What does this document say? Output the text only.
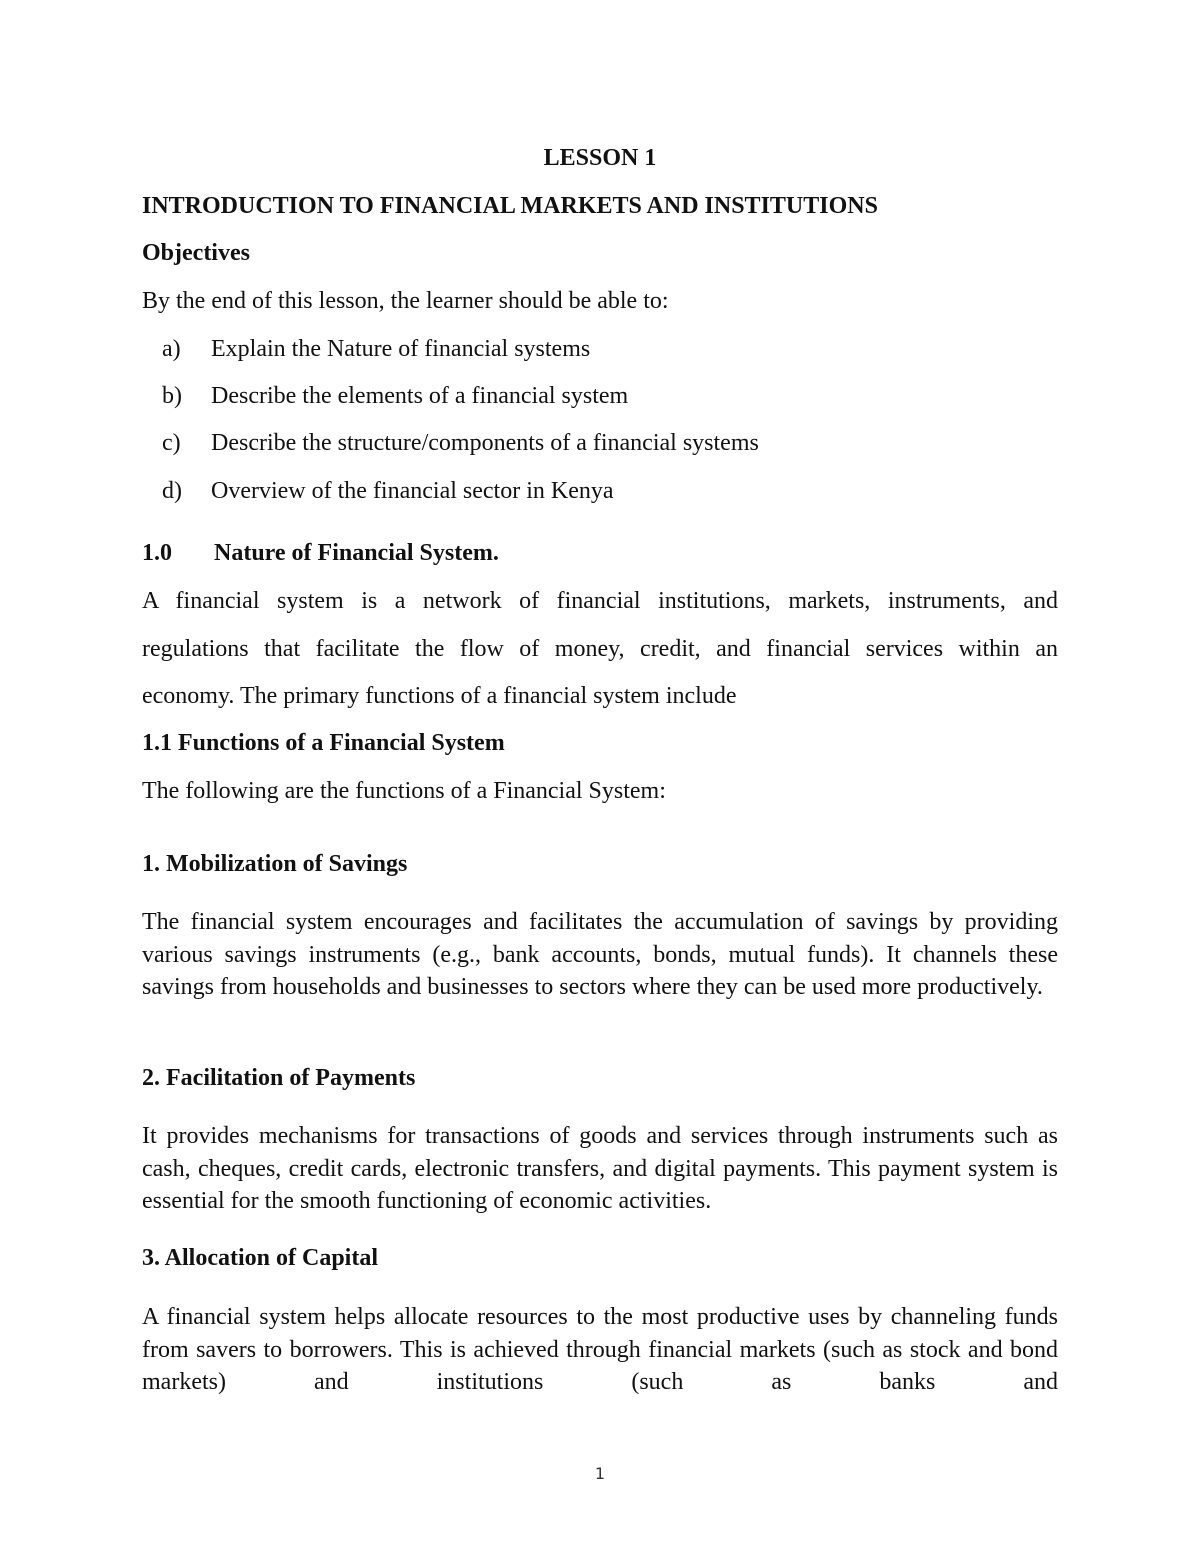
LESSON 1
INTRODUCTION TO FINANCIAL MARKETS AND INSTITUTIONS
Objectives
By the end of this lesson, the learner should be able to:
a) Explain the Nature of financial systems
b) Describe the elements of a financial system
c) Describe the structure/components of a financial systems
d) Overview of the financial sector in Kenya
1.0 Nature of Financial System.
A financial system is a network of financial institutions, markets, instruments, and
regulations that facilitate the flow of money, credit, and financial services within an
economy. The primary functions of a financial system include
1.1 Functions of a Financial System
The following are the functions of a Financial System:
1. Mobilization of Savings

The financial system encourages and facilitates the accumulation of savings by providing various savings instruments (e.g., bank accounts, bonds, mutual funds). It channels these savings from households and businesses to sectors where they can be used more productively.

2. Facilitation of Payments

It provides mechanisms for transactions of goods and services through instruments such as cash, cheques, credit cards, electronic transfers, and digital payments. This payment system is essential for the smooth functioning of economic activities.

3. Allocation of Capital

A financial system helps allocate resources to the most productive uses by channeling funds from savers to borrowers. This is achieved through financial markets (such as stock and bond markets) and institutions (such as banks and

1
